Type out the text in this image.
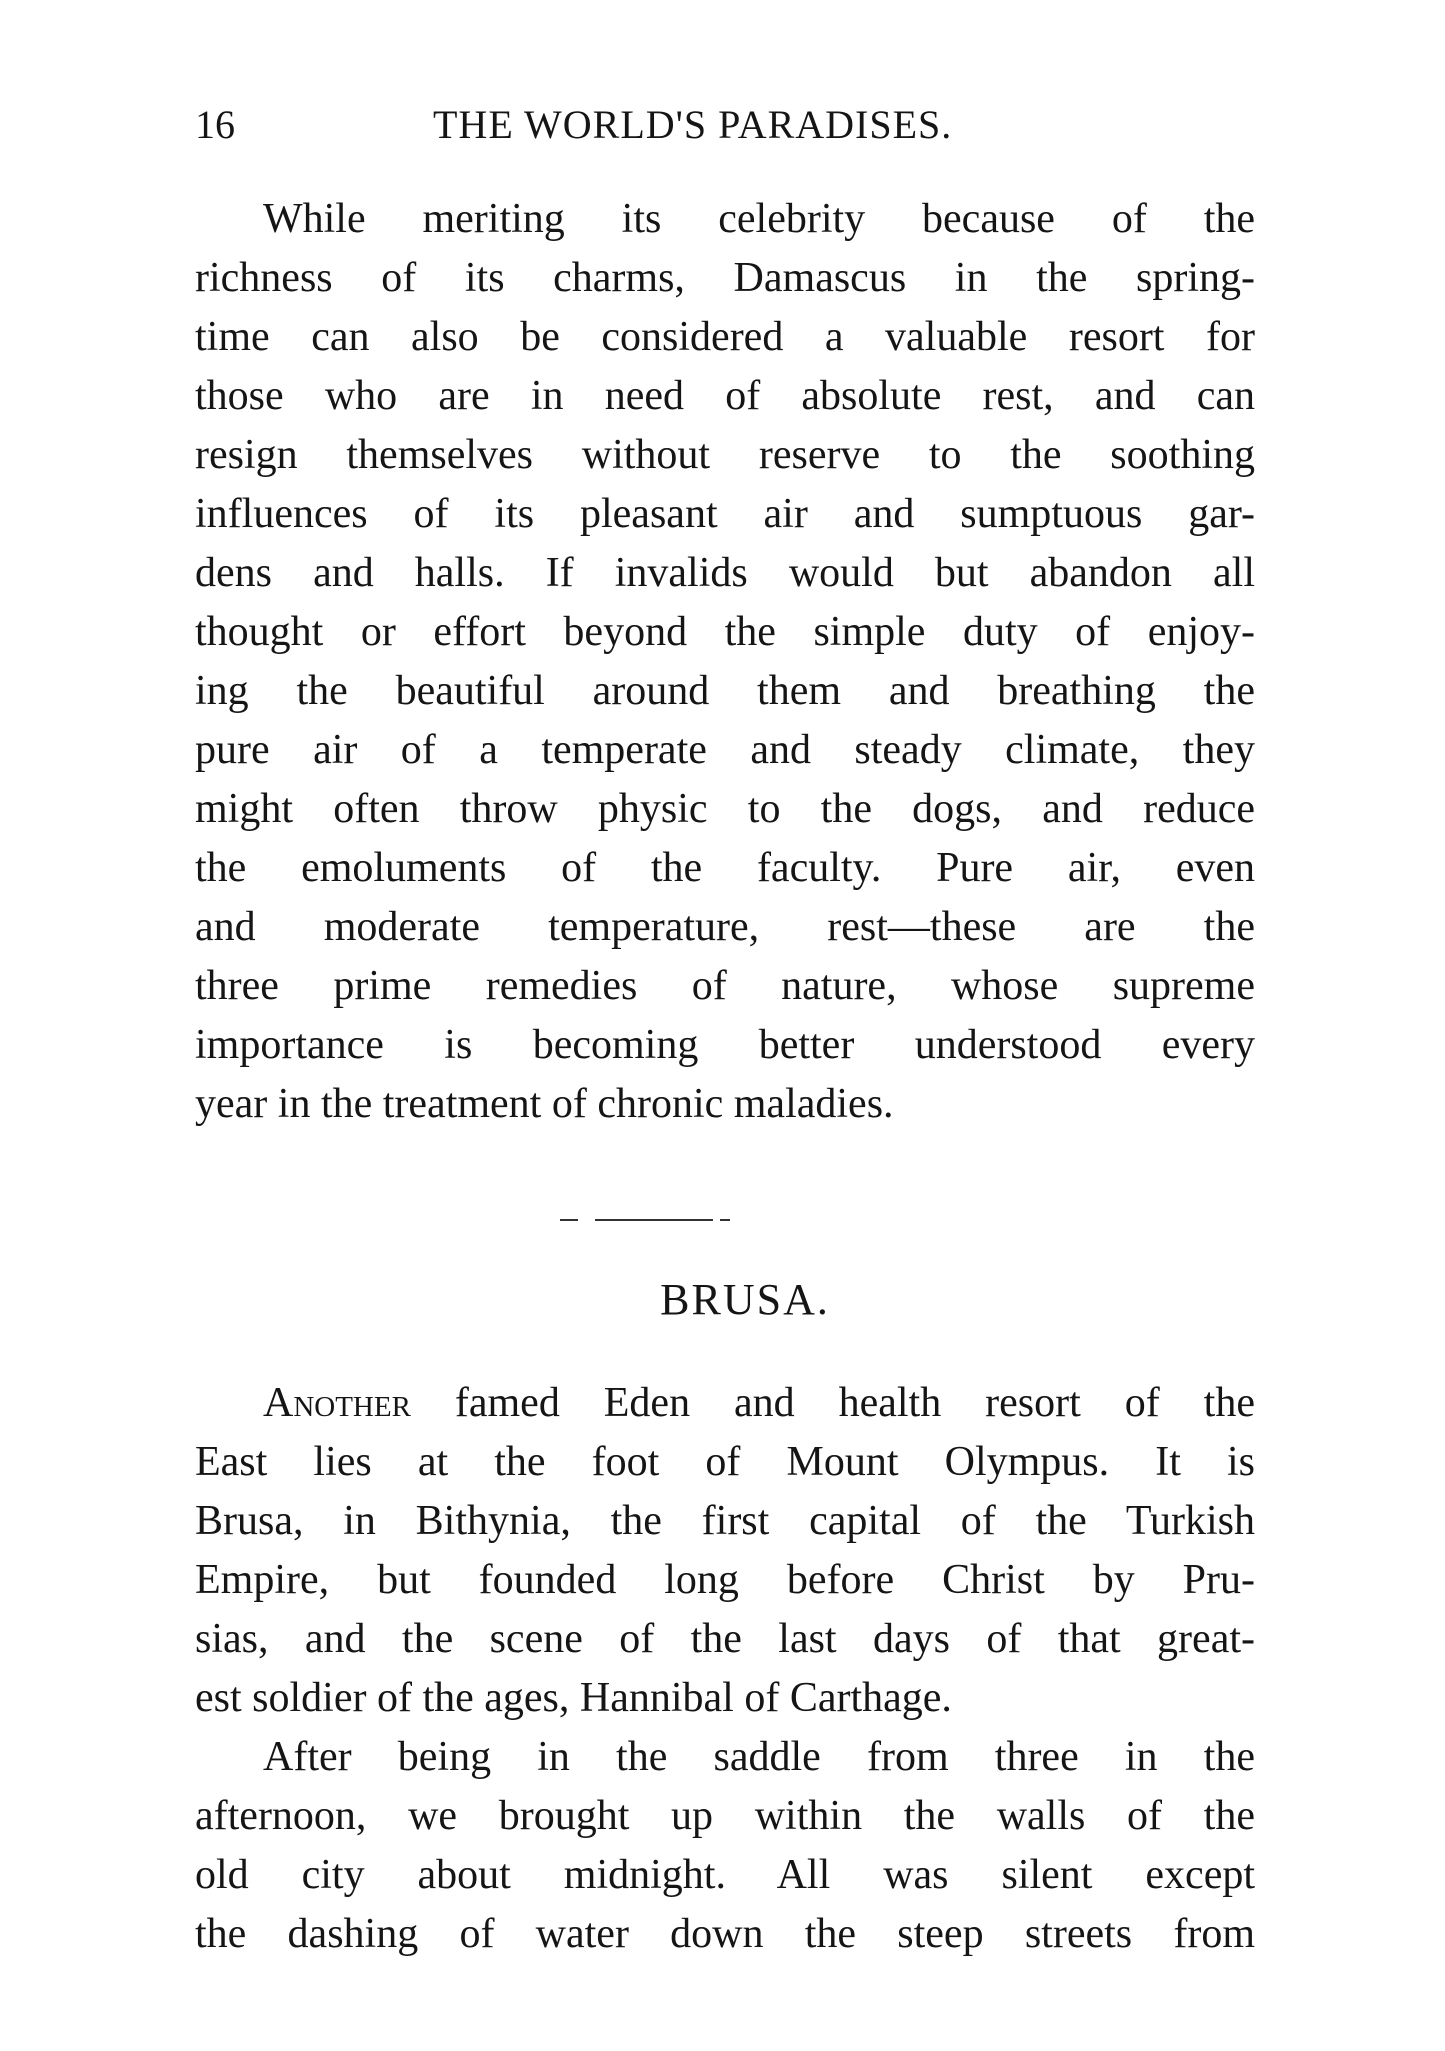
16	THE WORLD'S PARADISES.

While meriting its celebrity because of the
richness of its charms, Damascus in the spring-
time can also be considered a valuable resort for
those who are in need of absolute rest, and can
resign themselves without reserve to the soothing
influences of its pleasant air and sumptuous gar-
dens and halls. If invalids would but abandon all
thought or effort beyond the simple duty of enjoy-
ing the beautiful around them and breathing the
pure air of a temperate and steady climate, they
might often throw physic to the dogs, and reduce
the emoluments of the faculty. Pure air, even
and moderate temperature, rest—these are the
three prime remedies of nature, whose supreme
importance is becoming better understood every
year in the treatment of chronic maladies.

BRUSA.

Another famed Eden and health resort of the
East lies at the foot of Mount Olympus. It is
Brusa, in Bithynia, the first capital of the Turkish
Empire, but founded long before Christ by Pru-
sias, and the scene of the last days of that great-
est soldier of the ages, Hannibal of Carthage.

After being in the saddle from three in the
afternoon, we brought up within the walls of the
old city about midnight. All was silent except
the dashing of water down the steep streets from
